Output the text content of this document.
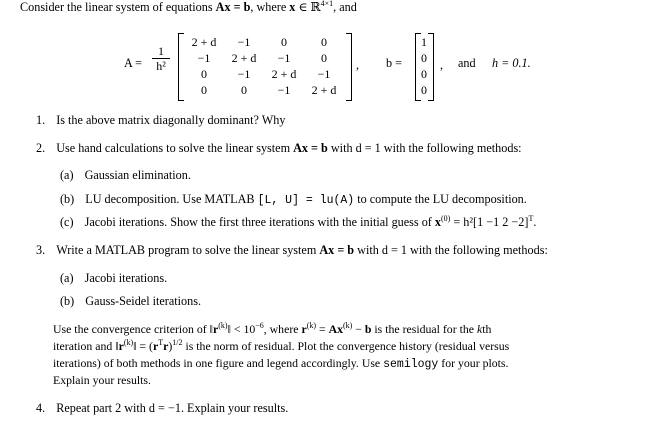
Consider the linear system of equations Ax = b, where x ∈ ℝ$^{4\times 1}$, and
A =
1
h²
2 + d	−1	0	0
−1	2 + d	−1	0
0	−1	2 + d	−1
0	0	−1	2 + d
, b =
1
0
0
0
, and h = 0.1.
1. Is the above matrix diagonally dominant? Why
2. Use hand calculations to solve the linear system Ax = b with d = 1 with the following methods:
(a) Gaussian elimination.
(b) LU decomposition. Use MATLAB [L, U] = lu(A) to compute the LU decomposition.
(c) Jacobi iterations. Show the first three iterations with the initial guess of $x^{(0)} = h^2[1 -1$ 2 −2]$^T$.
3. Write a MATLAB program to solve the linear system Ax = b with d = 1 with the following methods:
(a) Jacobi iterations.
(b) Gauss-Seidel iterations.
Use the convergence criterion of $‖r^{(k)}‖ < 10^{-6}$, where $r^{(k)} = Ax^{(k)} - b$ is the residual for the kth
iteration and $‖r^{(k)}‖ = (r^Tr)^{1/2}$ is the norm of residual. Plot the convergence history (residual versus
iterations) of both methods in one figure and legend accordingly. Use semilogy for your plots.
Explain your results.
4. Repeat part 2 with d = −1. Explain your results.
